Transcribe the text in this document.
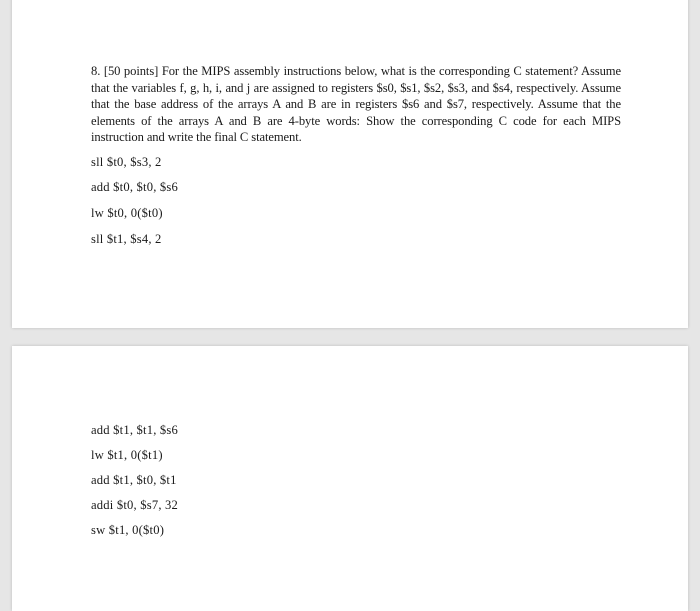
8. [50 points] For the MIPS assembly instructions below, what is the corresponding C statement? Assume that the variables f, g, h, i, and j are assigned to registers $s0, $s1, $s2, $s3, and $s4, respectively. Assume that the base address of the arrays A and B are in registers $s6 and $s7, respectively. Assume that the elements of the arrays A and B are 4-byte words: Show the corresponding C code for each MIPS instruction and write the final C statement.
sll $t0, $s3, 2
add $t0, $t0, $s6
lw $t0, 0($t0)
sll $t1, $s4, 2
add $t1, $t1, $s6
lw $t1, 0($t1)
add $t1, $t0, $t1
addi $t0, $s7, 32
sw $t1, 0($t0)
